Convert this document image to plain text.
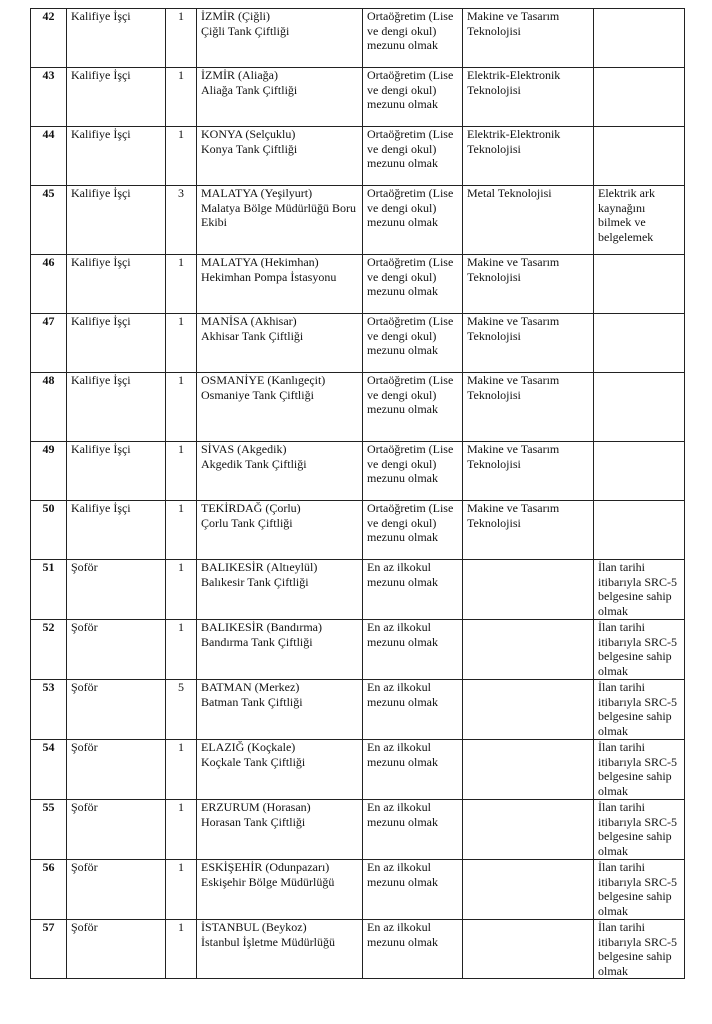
42	Kalifiye İşçi	1	İZMİR (Çiğli)
Çiğli Tank Çiftliği	Ortaöğretim (Lise ve dengi okul) mezunu olmak	Makine ve Tasarım Teknolojisi	

43	Kalifiye İşçi	1	İZMİR (Aliağa)
Aliağa Tank Çiftliği	Ortaöğretim (Lise ve dengi okul) mezunu olmak	Elektrik-Elektronik Teknolojisi	

44	Kalifiye İşçi	1	KONYA (Selçuklu)
Konya Tank Çiftliği	Ortaöğretim (Lise ve dengi okul) mezunu olmak	Elektrik-Elektronik Teknolojisi	

45	Kalifiye İşçi	3	MALATYA (Yeşilyurt)
Malatya Bölge Müdürlüğü Boru Ekibi	Ortaöğretim (Lise ve dengi okul) mezunu olmak	Metal Teknolojisi	Elektrik ark kaynağını bilmek ve belgelemek

46	Kalifiye İşçi	1	MALATYA (Hekimhan)
Hekimhan Pompa İstasyonu	Ortaöğretim (Lise ve dengi okul) mezunu olmak	Makine ve Tasarım Teknolojisi	

47	Kalifiye İşçi	1	MANİSA (Akhisar)
Akhisar Tank Çiftliği	Ortaöğretim (Lise ve dengi okul) mezunu olmak	Makine ve Tasarım Teknolojisi	

48	Kalifiye İşçi	1	OSMANİYE (Kanlıgeçit)
Osmaniye Tank Çiftliği	Ortaöğretim (Lise ve dengi okul) mezunu olmak	Makine ve Tasarım Teknolojisi	

49	Kalifiye İşçi	1	SİVAS (Akgedik)
Akgedik Tank Çiftliği	Ortaöğretim (Lise ve dengi okul) mezunu olmak	Makine ve Tasarım Teknolojisi	

50	Kalifiye İşçi	1	TEKİRDAĞ (Çorlu)
Çorlu Tank Çiftliği	Ortaöğretim (Lise ve dengi okul) mezunu olmak	Makine ve Tasarım Teknolojisi	

51	Şoför	1	BALIKESİR (Altıeylül)
Balıkesir Tank Çiftliği	En az ilkokul mezunu olmak		İlan tarihi itibarıyla SRC-5 belgesine sahip olmak

52	Şoför	1	BALIKESİR (Bandırma)
Bandırma Tank Çiftliği	En az ilkokul mezunu olmak		İlan tarihi itibarıyla SRC-5 belgesine sahip olmak

53	Şoför	5	BATMAN (Merkez)
Batman Tank Çiftliği	En az ilkokul mezunu olmak		İlan tarihi itibarıyla SRC-5 belgesine sahip olmak

54	Şoför	1	ELAZIĞ (Koçkale)
Koçkale Tank Çiftliği	En az ilkokul mezunu olmak		İlan tarihi itibarıyla SRC-5 belgesine sahip olmak

55	Şoför	1	ERZURUM (Horasan)
Horasan Tank Çiftliği	En az ilkokul mezunu olmak		İlan tarihi itibarıyla SRC-5 belgesine sahip olmak

56	Şoför	1	ESKİŞEHİR (Odunpazarı)
Eskişehir Bölge Müdürlüğü	En az ilkokul mezunu olmak		İlan tarihi itibarıyla SRC-5 belgesine sahip olmak

57	Şoför	1	İSTANBUL (Beykoz)
İstanbul İşletme Müdürlüğü	En az ilkokul mezunu olmak		İlan tarihi itibarıyla SRC-5 belgesine sahip olmak
